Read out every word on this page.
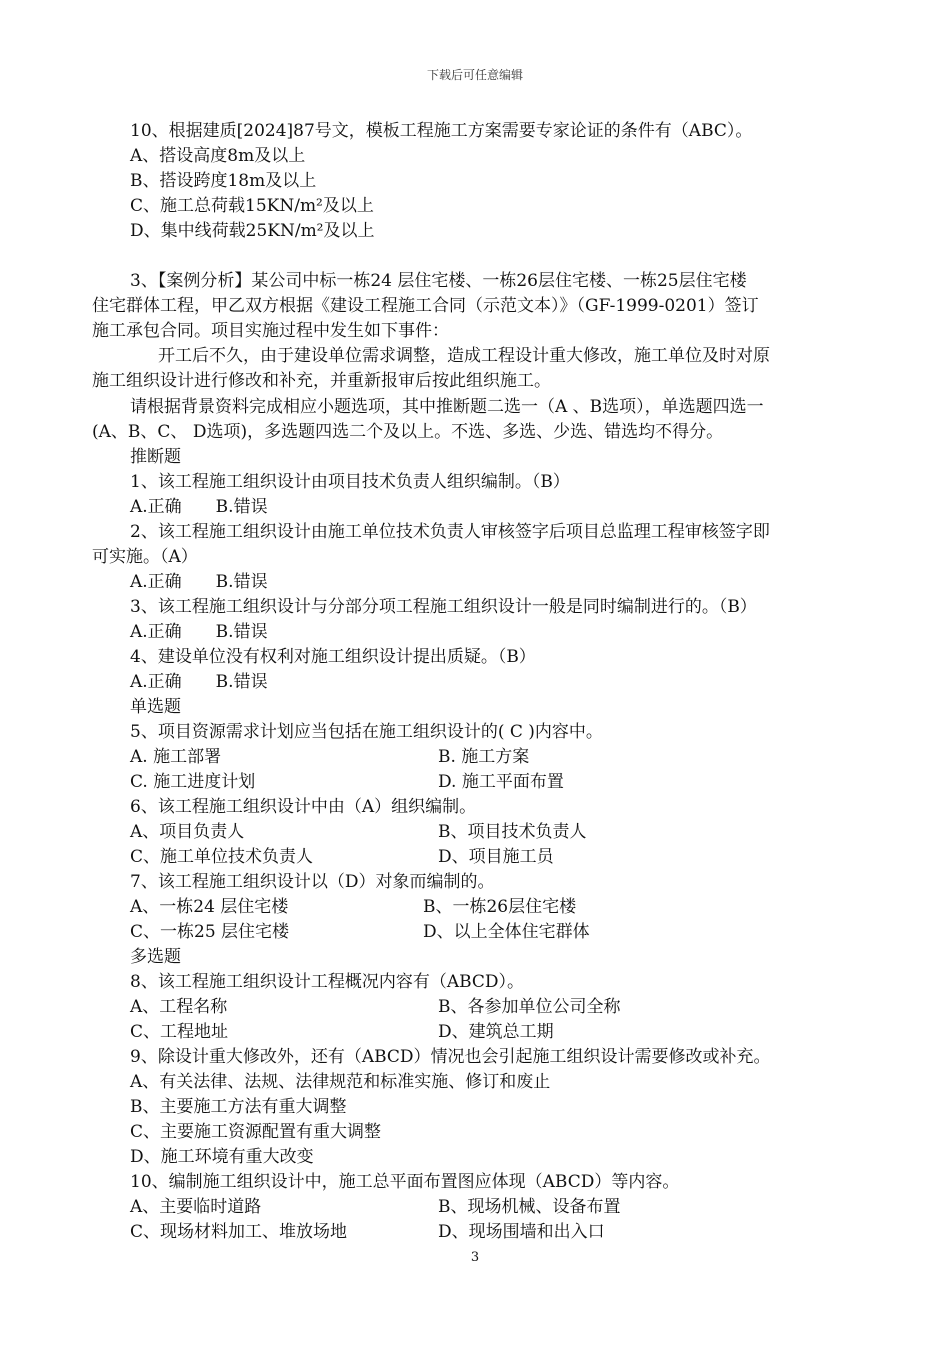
下载后可任意编辑
10、根据建质[2024]87号文，模板工程施工方案需要专家论证的条件有（ABC）。
A、搭设高度8m及以上
B、搭设跨度18m及以上
C、施工总荷载15KN/m²及以上
D、集中线荷载25KN/m²及以上
3、【案例分析】某公司中标一栋24 层住宅楼、一栋26层住宅楼、一栋25层住宅楼
住宅群体工程，甲乙双方根据《建设工程施工合同（示范文本）》（GF-1999-0201）签订
施工承包合同。项目实施过程中发生如下事件：
开工后不久，由于建设单位需求调整，造成工程设计重大修改，施工单位及时对原
施工组织设计进行修改和补充，并重新报审后按此组织施工。
请根据背景资料完成相应小题选项，其中推断题二选一（A 、B选项），单选题四选一
(A、B、C、 D选项)，多选题四选二个及以上。不选、多选、少选、错选均不得分。
推断题
1、该工程施工组织设计由项目技术负责人组织编制。（B）
A.正确　　B.错误
2、该工程施工组织设计由施工单位技术负责人审核签字后项目总监理工程审核签字即
可实施。（A）
A.正确　　B.错误
3、该工程施工组织设计与分部分项工程施工组织设计一般是同时编制进行的。（B）
A.正确　　B.错误
4、建设单位没有权利对施工组织设计提出质疑。（B）
A.正确　　B.错误
单选题
5、项目资源需求计划应当包括在施工组织设计的( C )内容中。
A. 施工部署	B. 施工方案
C. 施工进度计划	D. 施工平面布置
6、该工程施工组织设计中由（A）组织编制。
A、项目负责人	B、项目技术负责人
C、施工单位技术负责人	D、项目施工员
7、该工程施工组织设计以（D）对象而编制的。
A、一栋24 层住宅楼	B、一栋26层住宅楼
C、一栋25 层住宅楼	D、以上全体住宅群体
多选题
8、该工程施工组织设计工程概况内容有（ABCD）。
A、工程名称	B、各参加单位公司全称
C、工程地址	D、建筑总工期
9、除设计重大修改外，还有（ABCD）情况也会引起施工组织设计需要修改或补充。
A、有关法律、法规、法律规范和标准实施、修订和废止
B、主要施工方法有重大调整
C、主要施工资源配置有重大调整
D、施工环境有重大改变
10、编制施工组织设计中，施工总平面布置图应体现（ABCD）等内容。
A、主要临时道路	B、现场机械、设备布置
C、现场材料加工、堆放场地	D、现场围墙和出入口
3
